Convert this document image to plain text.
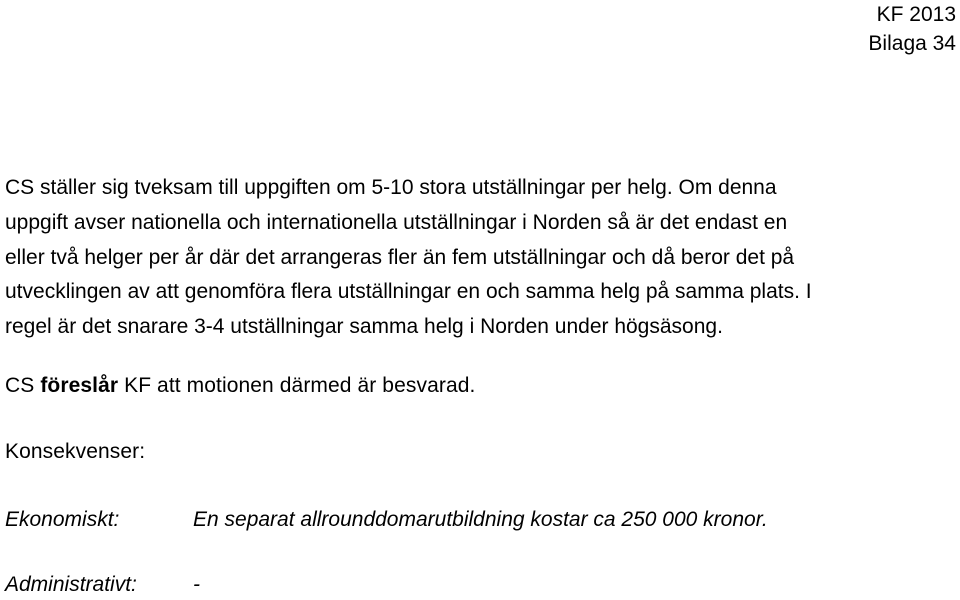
KF 2013
Bilaga 34
CS ställer sig tveksam till uppgiften om 5-10 stora utställningar per helg. Om denna
uppgift avser nationella och internationella utställningar i Norden så är det endast en
eller två helger per år där det arrangeras fler än fem utställningar och då beror det på
utvecklingen av att genomföra flera utställningar en och samma helg på samma plats. I
regel är det snarare 3-4 utställningar samma helg i Norden under högsäsong.
CS föreslår KF att motionen därmed är besvarad.
Konsekvenser:
Ekonomiskt:	En separat allrounddomarutbildning kostar ca 250 000 kronor.
Administrativt:	-
